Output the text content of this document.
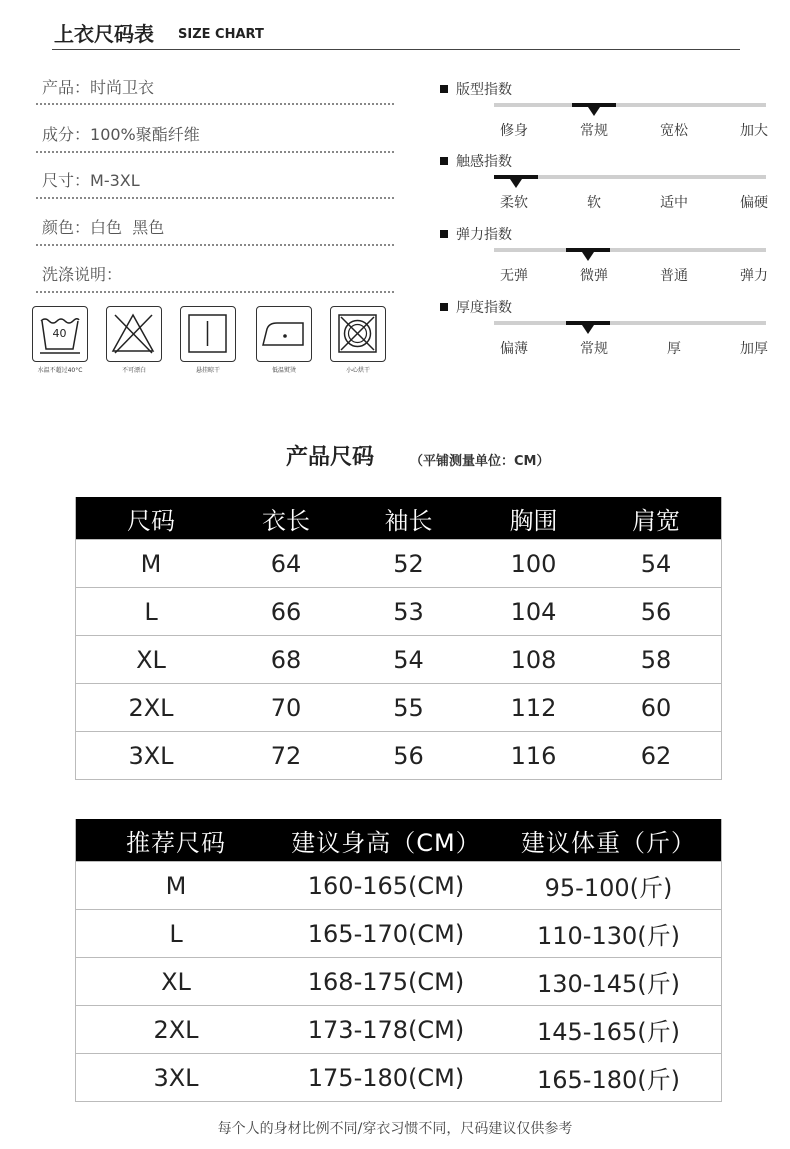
上衣尺码表 SIZE CHART
产品：时尚卫衣
成分：100%聚酯纤维
尺寸：M-3XL
颜色：白色  黑色
洗涤说明：
40
水温不超过40°C	不可漂白	悬挂晾干	低温熨烫	小心烘干
版型指数
修身	常规	宽松	加大
触感指数
柔软	软	适中	偏硬
弹力指数
无弹	微弹	普通	弹力
厚度指数
偏薄	常规	厚	加厚
产品尺码	（平铺测量单位：CM）
尺码	衣长	袖长	胸围	肩宽
M	64	52	100	54
L	66	53	104	56
XL	68	54	108	58
2XL	70	55	112	60
3XL	72	56	116	62
推荐尺码	建议身高（CM）	建议体重（斤）
M	160-165(CM)	95-100(斤)
L	165-170(CM)	110-130(斤)
XL	168-175(CM)	130-145(斤)
2XL	173-178(CM)	145-165(斤)
3XL	175-180(CM)	165-180(斤)
每个人的身材比例不同/穿衣习惯不同，尺码建议仅供参考
